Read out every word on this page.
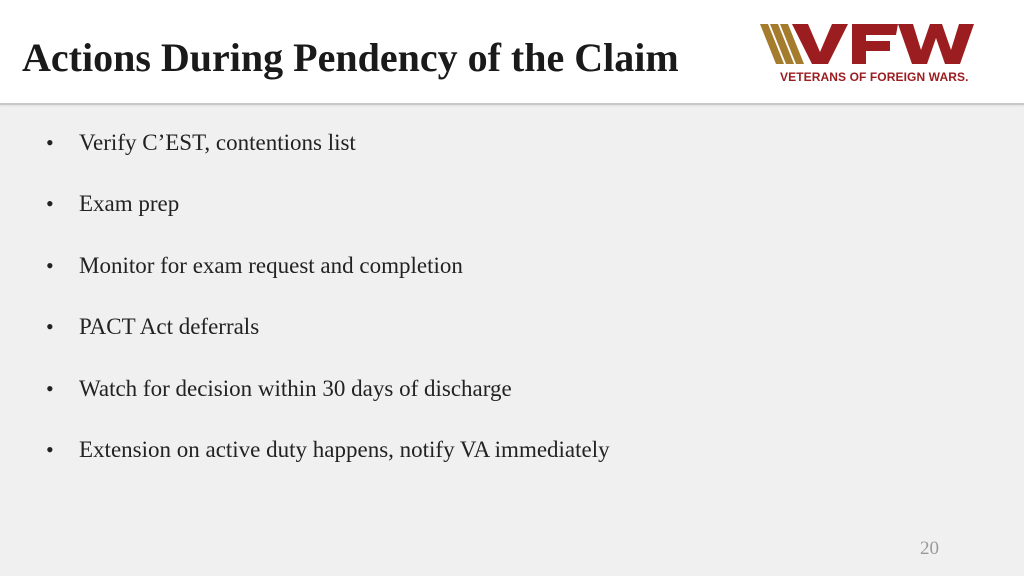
Actions During Pendency of the Claim	VETERANS OF FOREIGN WARS.
•	Verify C’EST, contentions list
•	Exam prep
•	Monitor for exam request and completion
•	PACT Act deferrals
•	Watch for decision within 30 days of discharge
•	Extension on active duty happens, notify VA immediately
20
